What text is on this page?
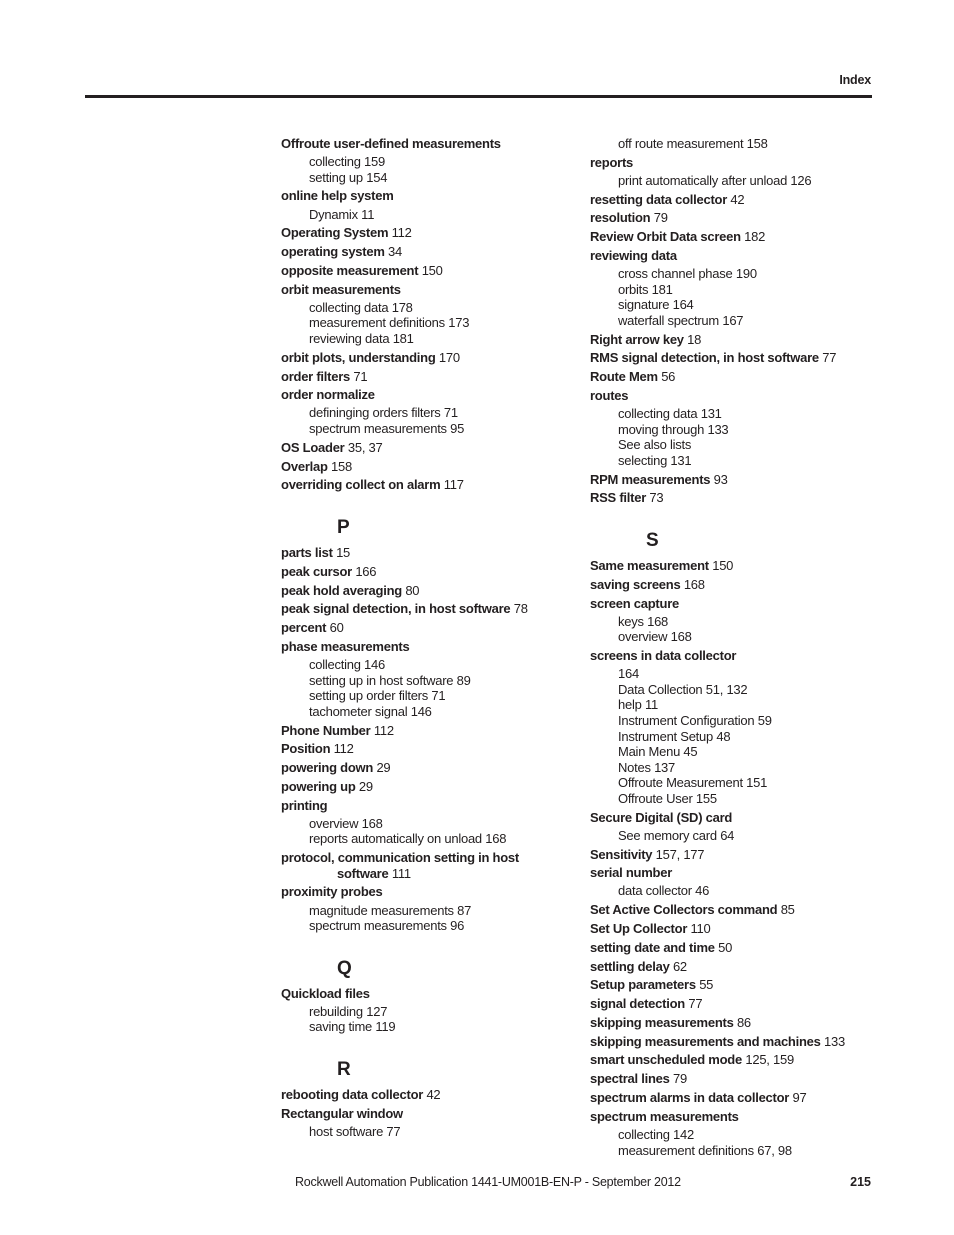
Index
Offroute user-defined measurements
collecting 159
setting up 154
online help system
Dynamix 11
Operating System 112
operating system 34
opposite measurement 150
orbit measurements
collecting data 178
measurement definitions 173
reviewing data 181
orbit plots, understanding 170
order filters 71
order normalize
defininging orders filters 71
spectrum measurements 95
OS Loader 35, 37
Overlap 158
overriding collect on alarm 117
P
parts list 15
peak cursor 166
peak hold averaging 80
peak signal detection, in host software 78
percent 60
phase measurements
collecting 146
setting up in host software 89
setting up order filters 71
tachometer signal 146
Phone Number 112
Position 112
powering down 29
powering up 29
printing
overview 168
reports automatically on unload 168
protocol, communication setting in host
software 111
proximity probes
magnitude measurements 87
spectrum measurements 96
Q
Quickload files
rebuilding 127
saving time 119
R
rebooting data collector 42
Rectangular window
host software 77
off route measurement 158
reports
print automatically after unload 126
resetting data collector 42
resolution 79
Review Orbit Data screen 182
reviewing data
cross channel phase 190
orbits 181
signature 164
waterfall spectrum 167
Right arrow key 18
RMS signal detection, in host software 77
Route Mem 56
routes
collecting data 131
moving through 133
See also lists
selecting 131
RPM measurements 93
RSS filter 73
S
Same measurement 150
saving screens 168
screen capture
keys 168
overview 168
screens in data collector
164
Data Collection 51, 132
help 11
Instrument Configuration 59
Instrument Setup 48
Main Menu 45
Notes 137
Offroute Measurement 151
Offroute User 155
Secure Digital (SD) card
See memory card 64
Sensitivity 157, 177
serial number
data collector 46
Set Active Collectors command 85
Set Up Collector 110
setting date and time 50
settling delay 62
Setup parameters 55
signal detection 77
skipping measurements 86
skipping measurements and machines 133
smart unscheduled mode 125, 159
spectral lines 79
spectrum alarms in data collector 97
spectrum measurements
collecting 142
measurement definitions 67, 98
Rockwell Automation Publication 1441-UM001B-EN-P - September 2012	215
